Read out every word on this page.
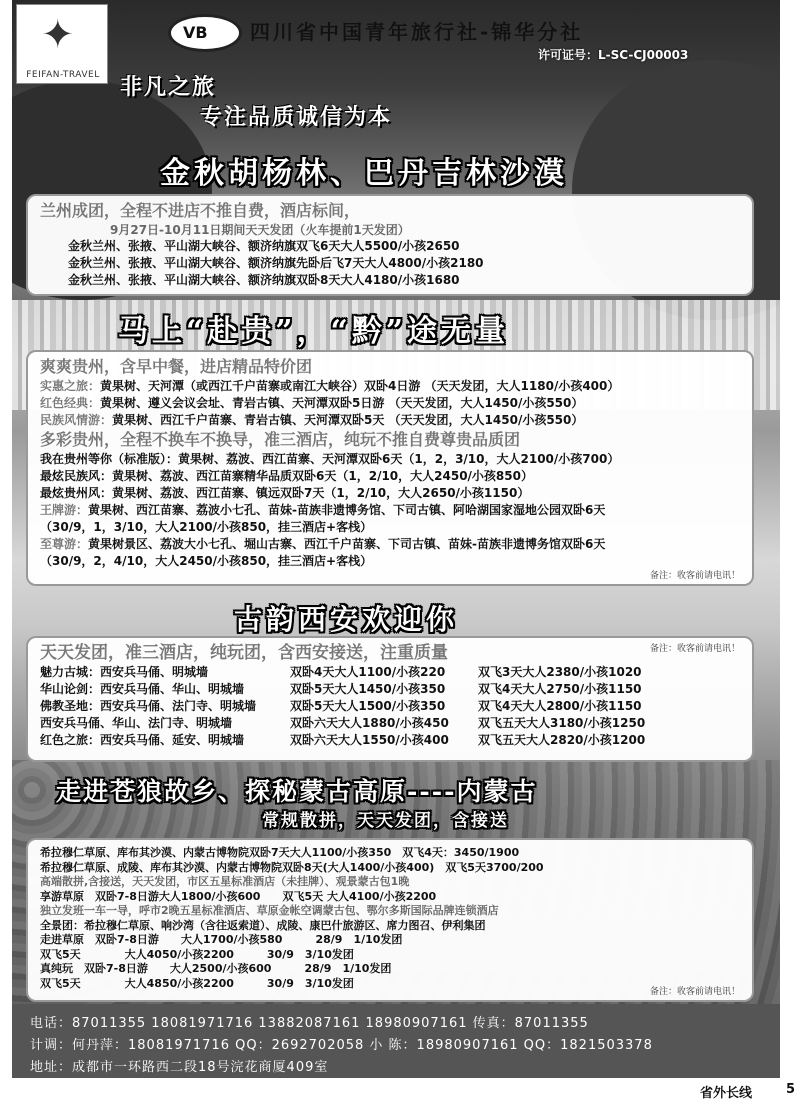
✦
FEIFAN-TRAVEL
VB 四川省中国青年旅行社-锦华分社
许可证号：L-SC-CJ00003
非凡之旅
专注品质诚信为本
金秋胡杨林、巴丹吉林沙漠
兰州成团，全程不进店不推自费，酒店标间，
9月27日-10月11日期间天天发团（火车提前1天发团）
金秋兰州、张掖、平山湖大峡谷、额济纳旗双飞6天大人5500/小孩2650
金秋兰州、张掖、平山湖大峡谷、额济纳旗先卧后飞7天大人4800/小孩2180
金秋兰州、张掖、平山湖大峡谷、额济纳旗双卧8天大人4180/小孩1680
马上“赴贵”，“黔”途无量
爽爽贵州，含早中餐，进店精品特价团
实惠之旅：黄果树、天河潭（或西江千户苗寨或南江大峡谷）双卧4日游 （天天发团，大人1180/小孩400）
红色经典：黄果树、遵义会议会址、青岩古镇、天河潭双卧5日游 （天天发团，大人1450/小孩550）
民族风情游：黄果树、西江千户苗寨、青岩古镇、天河潭双卧5天 （天天发团，大人1450/小孩550）
多彩贵州，全程不换车不换导，准三酒店，纯玩不推自费尊贵品质团
我在贵州等你（标准版）：黄果树、荔波、西江苗寨、天河潭双卧6天（1，2，3/10，大人2100/小孩700）
最炫民族风：黄果树、荔波、西江苗寨精华品质双卧6天（1，2/10，大人2450/小孩850）
最炫贵州风：黄果树、荔波、西江苗寨、镇远双卧7天（1，2/10，大人2650/小孩1150）
王牌游：黄果树、西江苗寨、荔波小七孔、苗妹-苗族非遗博务馆、下司古镇、阿哈湖国家湿地公园双卧6天
（30/9，1，3/10，大人2100/小孩850，挂三酒店+客栈）
至尊游：黄果树景区、荔波大小七孔、堀山古寨、西江千户苗寨、下司古镇、苗妹-苗族非遗博务馆双卧6天
（30/9，2，4/10，大人2450/小孩850，挂三酒店+客栈）
备注：收客前请电讯！
古韵西安欢迎你
备注：收客前请电讯！
天天发团，准三酒店，纯玩团，含西安接送，注重质量
魅力古城：西安兵马俑、明城墙	双卧4天大人1100/小孩220	双飞3天大人2380/小孩1020
华山论剑：西安兵马俑、华山、明城墙	双卧5天大人1450/小孩350	双飞4天大人2750/小孩1150
佛教圣地：西安兵马俑、法门寺、明城墙	双卧5天大人1500/小孩350	双飞4天大人2800/小孩1150
西安兵马俑、华山、法门寺、明城墙	双卧六天大人1880/小孩450	双飞五天大人3180/小孩1250
红色之旅：西安兵马俑、延安、明城墙	双卧六天大人1550/小孩400	双飞五天大人2820/小孩1200
走进苍狼故乡、探秘蒙古高原----内蒙古
常规散拼，天天发团，含接送
希拉穆仁草原、库布其沙漠、内蒙古博物院双卧7天大人1100/小孩350　双飞4天：3450/1900
希拉穆仁草原、成陵、库布其沙漠、内蒙古博物院双卧8天(大人1400/小孩400)　双飞5天3700/200
高端散拼,含接送，天天发团，市区五星标准酒店（未挂牌）、观景蒙古包1晚
享游草原　双卧7-8日游大人1800/小孩600　　双飞5天 大人4100/小孩2200
独立发班一车一导，呼市2晚五星标准酒店、草原金帐空调蒙古包、鄂尔多斯国际品牌连锁酒店
全景团：希拉穆仁草原、响沙湾（含往返索道）、成陵、康巴什旅游区、席力图召、伊利集团
走进草原　双卧7-8日游　　大人1700/小孩580　　　28/9　1/10发团
双飞5天　　　　大人4050/小孩2200　　　30/9　3/10发团
真纯玩　双卧7-8日游　　大人2500/小孩600　　　28/9　1/10发团
双飞5天　　　　大人4850/小孩2200　　　30/9　3/10发团
备注：收客前请电讯！
电话：87011355 18081971716 13882087161 18980907161 传真：87011355
计调：何丹萍：18081971716 QQ：2692702058 小 陈：18980907161 QQ：1821503378
地址：成都市一环路西二段18号浣花商厦409室
省外长线	5
